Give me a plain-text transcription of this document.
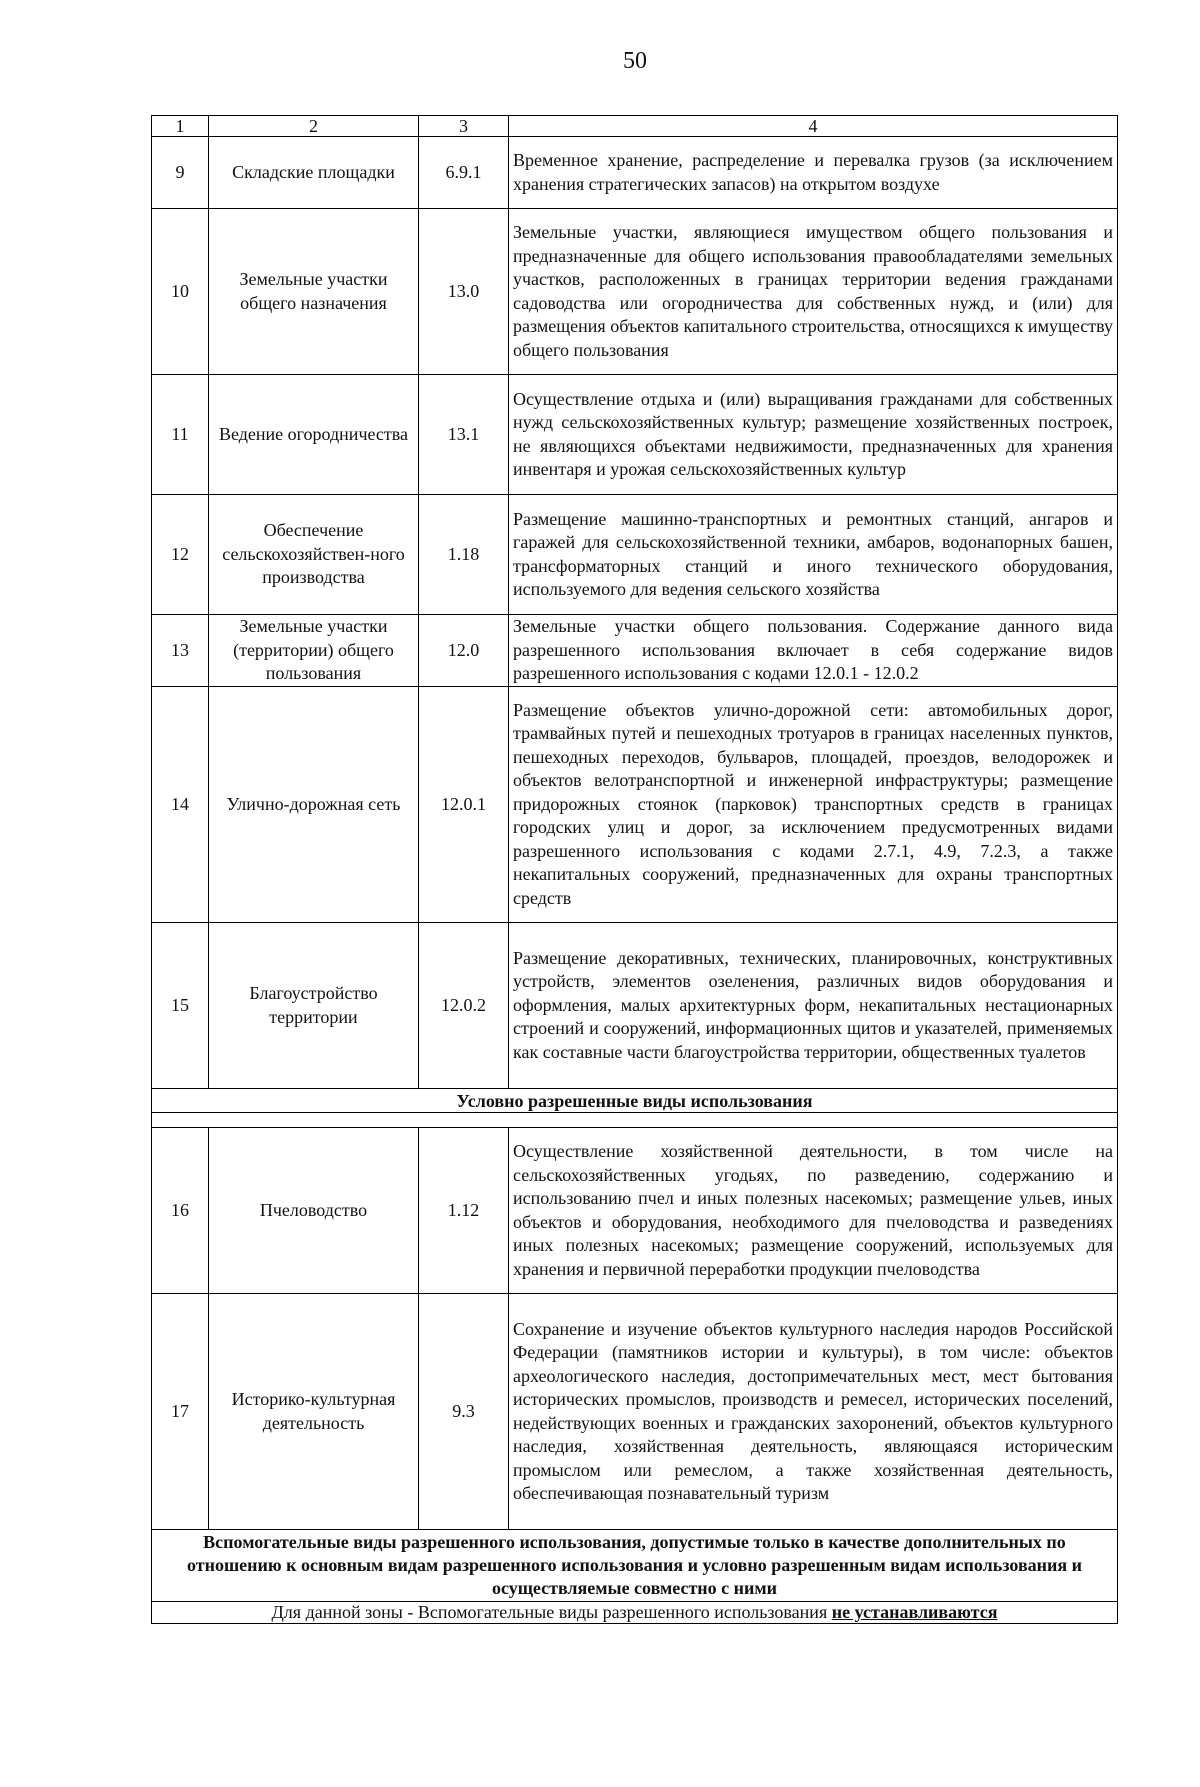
50
1	2	3	4
9	Складские площадки	6.9.1	Временное хранение, распределение и перевалка грузов (за исключением хранения стратегических запасов) на открытом воздухе
10	Земельные участки общего назначения	13.0	Земельные участки, являющиеся имуществом общего пользования и предназначенные для общего использования правообладателями земельных участков, расположенных в границах территории ведения гражданами садоводства или огородничества для собственных нужд, и (или) для размещения объектов капитального строительства, относящихся к имуществу общего пользования
11	Ведение огородничества	13.1	Осуществление отдыха и (или) выращивания гражданами для собственных нужд сельскохозяйственных культур; размещение хозяйственных построек, не являющихся объектами недвижимости, предназначенных для хранения инвентаря и урожая сельскохозяйственных культур
12	Обеспечение сельскохозяйствен-ного производства	1.18	Размещение машинно-транспортных и ремонтных станций, ангаров и гаражей для сельскохозяйственной техники, амбаров, водонапорных башен, трансформаторных станций и иного технического оборудования, используемого для ведения сельского хозяйства
13	Земельные участки (территории) общего пользования	12.0	Земельные участки общего пользования. Содержание данного вида разрешенного использования включает в себя содержание видов разрешенного использования с кодами 12.0.1 - 12.0.2
14	Улично-дорожная сеть	12.0.1	Размещение объектов улично-дорожной сети: автомобильных дорог, трамвайных путей и пешеходных тротуаров в границах населенных пунктов, пешеходных переходов, бульваров, площадей, проездов, велодорожек и объектов велотранспортной и инженерной инфраструктуры; размещение придорожных стоянок (парковок) транспортных средств в границах городских улиц и дорог, за исключением предусмотренных видами разрешенного использования с кодами 2.7.1, 4.9, 7.2.3, а также некапитальных сооружений, предназначенных для охраны транспортных средств
15	Благоустройство территории	12.0.2	Размещение декоративных, технических, планировочных, конструктивных устройств, элементов озеленения, различных видов оборудования и оформления, малых архитектурных форм, некапитальных нестационарных строений и сооружений, информационных щитов и указателей, применяемых как составные части благоустройства территории, общественных туалетов
Условно разрешенные виды использования			

16	Пчеловодство	1.12	Осуществление хозяйственной деятельности, в том числе на сельскохозяйственных угодьях, по разведению, содержанию и использованию пчел и иных полезных насекомых; размещение ульев, иных объектов и оборудования, необходимого для пчеловодства и разведениях иных полезных насекомых; размещение сооружений, используемых для хранения и первичной переработки продукции пчеловодства
17	Историко-культурная деятельность	9.3	Сохранение и изучение объектов культурного наследия народов Российской Федерации (памятников истории и культуры), в том числе: объектов археологического наследия, достопримечательных мест, мест бытования исторических промыслов, производств и ремесел, исторических поселений, недействующих военных и гражданских захоронений, объектов культурного наследия, хозяйственная деятельность, являющаяся историческим промыслом или ремеслом, а также хозяйственная деятельность, обеспечивающая познавательный туризм
Вспомогательные виды разрешенного использования, допустимые только в качестве дополнительных по отношению к основным видам разрешенного использования и условно разрешенным видам использования и осуществляемые совместно с ними			
Для данной зоны - Вспомогательные виды разрешенного использования не устанавливаются			
